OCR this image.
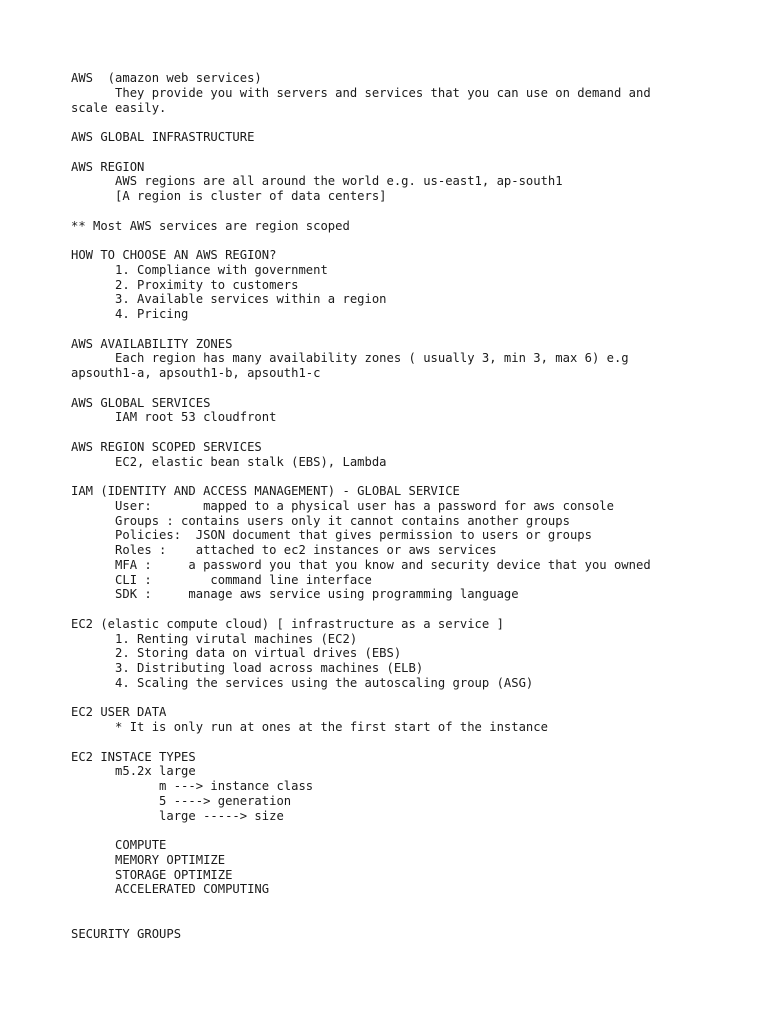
AWS  (amazon web services)
They provide you with servers and services that you can use on demand and
scale easily.
AWS GLOBAL INFRASTRUCTURE
AWS REGION
AWS regions are all around the world e.g. us-east1, ap-south1
[A region is cluster of data centers]
** Most AWS services are region scoped
HOW TO CHOOSE AN AWS REGION?
1. Compliance with government
2. Proximity to customers
3. Available services within a region
4. Pricing
AWS AVAILABILITY ZONES
Each region has many availability zones ( usually 3, min 3, max 6) e.g
apsouth1-a, apsouth1-b, apsouth1-c
AWS GLOBAL SERVICES
IAM root 53 cloudfront
AWS REGION SCOPED SERVICES
EC2, elastic bean stalk (EBS), Lambda
IAM (IDENTITY AND ACCESS MANAGEMENT) - GLOBAL SERVICE
User:       mapped to a physical user has a password for aws console
Groups : contains users only it cannot contains another groups
Policies:  JSON document that gives permission to users or groups
Roles :    attached to ec2 instances or aws services
MFA :     a password you that you know and security device that you owned
CLI :        command line interface
SDK :     manage aws service using programming language
EC2 (elastic compute cloud) [ infrastructure as a service ]
1. Renting virutal machines (EC2)
2. Storing data on virtual drives (EBS)
3. Distributing load across machines (ELB)
4. Scaling the services using the autoscaling group (ASG)
EC2 USER DATA
* It is only run at ones at the first start of the instance
EC2 INSTACE TYPES
m5.2x large
m ---> instance class
5 ----> generation
large -----> size
COMPUTE
MEMORY OPTIMIZE
STORAGE OPTIMIZE
ACCELERATED COMPUTING
SECURITY GROUPS
